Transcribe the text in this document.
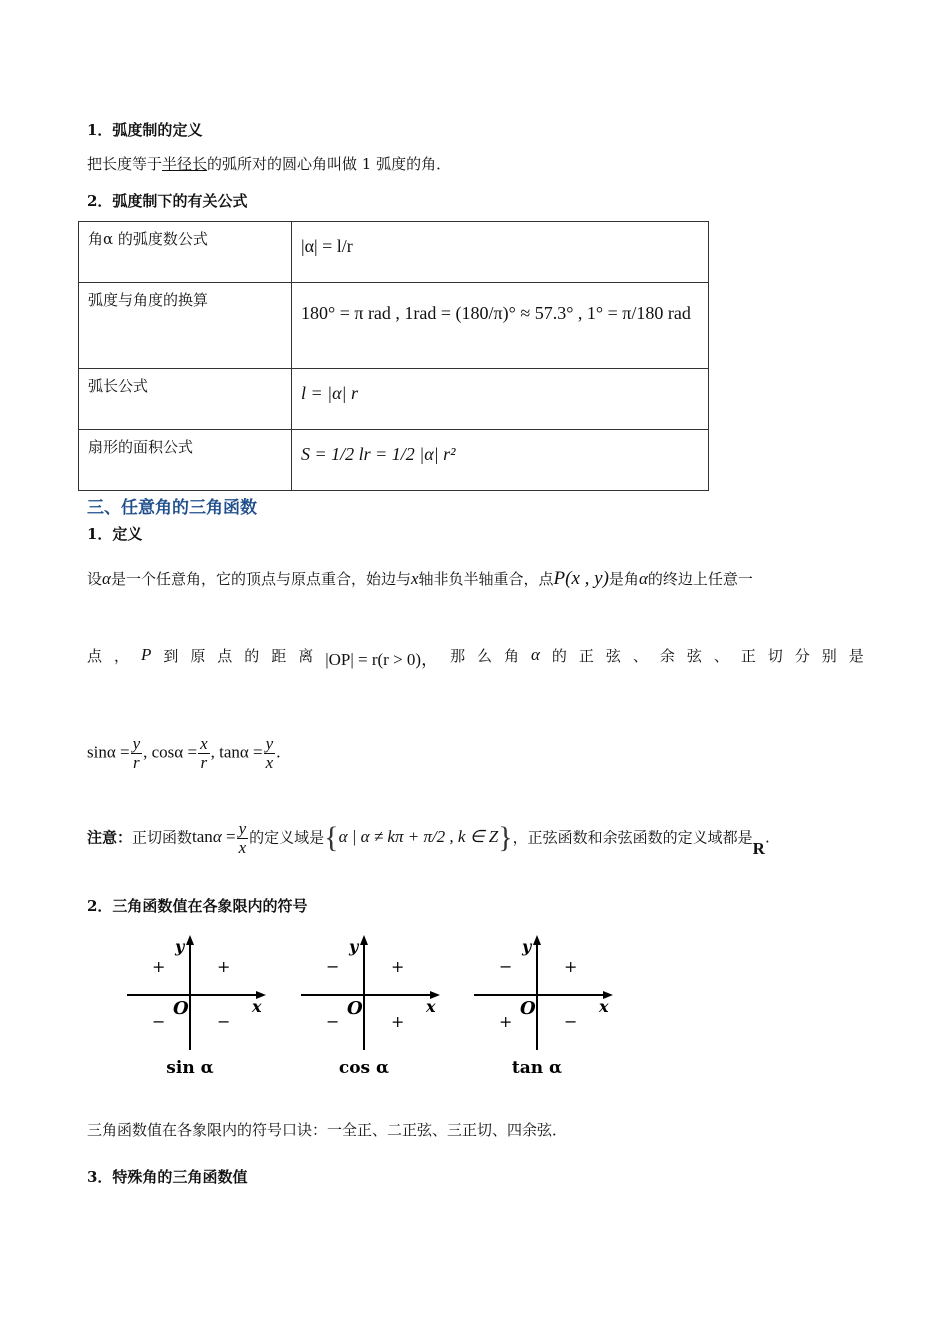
1．弧度制的定义
把长度等于半径长的弧所对的圆心角叫做 1 弧度的角．
2．弧度制下的有关公式
角α 的弧度数公式	|α| = l/r
弧度与角度的换算	180° = π rad , 1rad = (180/π)° ≈ 57.3° , 1° = π/180 rad
弧长公式	l = |α| r
扇形的面积公式	S = 1/2 lr = 1/2 |α| r²
三、任意角的三角函数
1．定义
设α是一个任意角，它的顶点与原点重合，始边与x轴非负半轴重合，点P(x , y)是角α的终边上任意一
点 ， P 到 原 点 的 距 离 |OP| = r(r > 0)， 那 么 角 α 的 正 弦 、 余 弦 、 正 切 分 别 是
$\sin\alpha = \frac{y}{r}$ , $\cos\alpha = \frac{x}{r}$ , $\tan\alpha = \frac{y}{x}$ .
注意：正切函数$\tan\alpha = \frac{y}{x}$ 的定义域是{α | α ≠ kπ + π/2 , k ∈ Z}，正弦函数和余弦函数的定义域都是R.
2．三角函数值在各象限内的符号
y
x
O
+
+
−	−
sin α
y
x
O
+
−
−	+
cos α
y
x
O
+
−
+	−
tan α
三角函数值在各象限内的符号口诀：一全正、二正弦、三正切、四余弦．
3．特殊角的三角函数值
